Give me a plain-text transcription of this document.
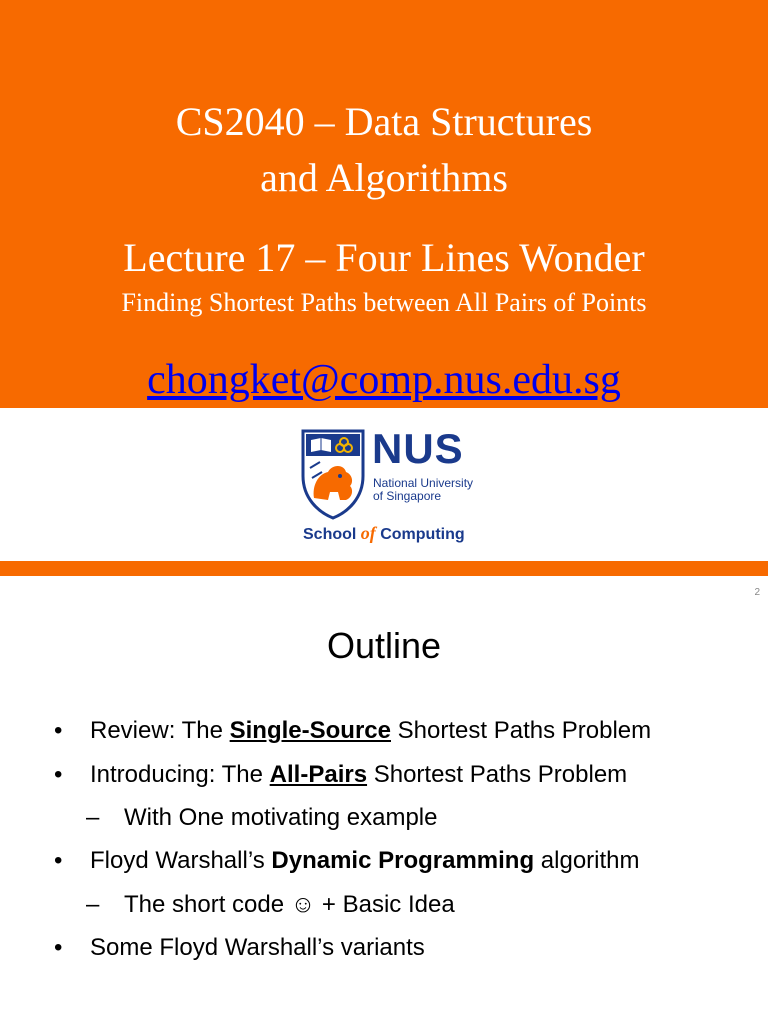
CS2040 – Data Structures
and Algorithms
Lecture 17 – Four Lines Wonder
Finding Shortest Paths between All Pairs of Points
chongket@comp.nus.edu.sg
NUS
National University
of Singapore
School of Computing
2
Outline
• Review: The Single-Source Shortest Paths Problem
• Introducing: The All-Pairs Shortest Paths Problem
– With One motivating example
• Floyd Warshall’s Dynamic Programming algorithm
– The short code ☺ + Basic Idea
• Some Floyd Warshall’s variants
